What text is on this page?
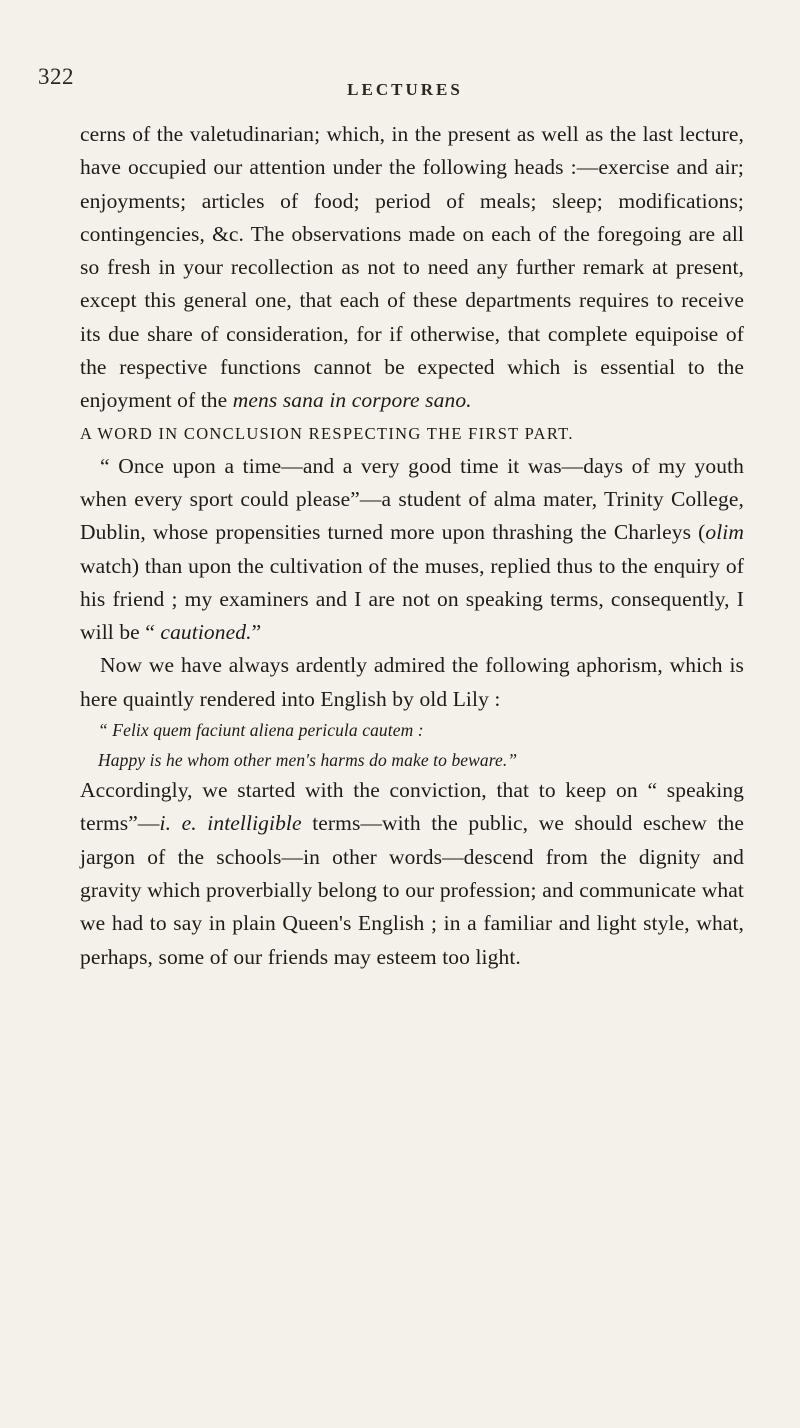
322
LECTURES

cerns of the valetudinarian; which, in the present as well as the last lecture, have occupied our attention under the following heads :—exercise and air; enjoyments; articles of food; period of meals; sleep; modifications; contingencies, &c. The observations made on each of the foregoing are all so fresh in your recollection as not to need any further remark at present, except this general one, that each of these departments requires to receive its due share of consideration, for if otherwise, that complete equipoise of the respective functions cannot be expected which is essential to the enjoyment of the mens sana in corpore sano.

A WORD IN CONCLUSION RESPECTING THE FIRST PART.

“ Once upon a time—and a very good time it was—days of my youth when every sport could please”—a student of alma mater, Trinity College, Dublin, whose propensities turned more upon thrashing the Charleys (olim watch) than upon the cultivation of the muses, replied thus to the enquiry of his friend ; my examiners and I are not on speaking terms, consequently, I will be “ cautioned.”

Now we have always ardently admired the following aphorism, which is here quaintly rendered into English by old Lily :

“ Felix quem faciunt aliena pericula cautem :
Happy is he whom other men's harms do make to beware.”

Accordingly, we started with the conviction, that to keep on “ speaking terms”—i. e. intelligible terms—with the public, we should eschew the jargon of the schools—in other words—descend from the dignity and gravity which proverbially belong to our profession; and communicate what we had to say in plain Queen's English ; in a familiar and light style, what, perhaps, some of our friends may esteem too light.
